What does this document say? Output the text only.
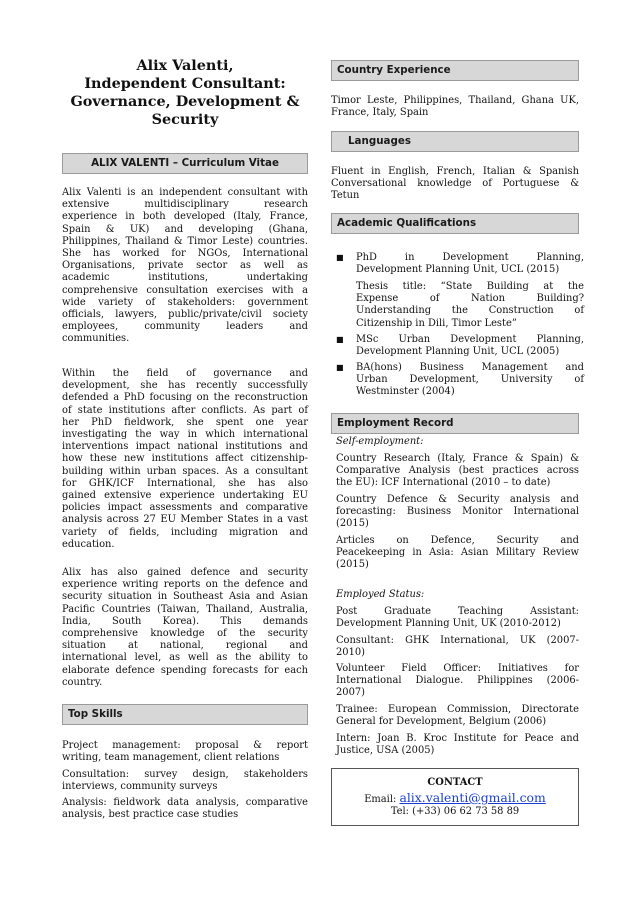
Alix Valenti,
Independent Consultant:
Governance, Development &
Security
ALIX VALENTI – Curriculum Vitae
Alix Valenti is an independent consultant with
extensive multidisciplinary research
experience in both developed (Italy, France,
Spain & UK) and developing (Ghana,
Philippines, Thailand & Timor Leste) countries.
She has worked for NGOs, International
Organisations, private sector as well as
academic institutions, undertaking
comprehensive consultation exercises with a
wide variety of stakeholders: government
officials, lawyers, public/private/civil society
employees, community leaders and
communities.
Within the field of governance and
development, she has recently successfully
defended a PhD focusing on the reconstruction
of state institutions after conflicts. As part of
her PhD fieldwork, she spent one year
investigating the way in which international
interventions impact national institutions and
how these new institutions affect citizenship-
building within urban spaces. As a consultant
for GHK/ICF International, she has also
gained extensive experience undertaking EU
policies impact assessments and comparative
analysis across 27 EU Member States in a vast
variety of fields, including migration and
education.
Alix has also gained defence and security
experience writing reports on the defence and
security situation in Southeast Asia and Asian
Pacific Countries (Taiwan, Thailand, Australia,
India, South Korea). This demands
comprehensive knowledge of the security
situation at national, regional and
international level, as well as the ability to
elaborate defence spending forecasts for each
country.
Top Skills
Project management: proposal & report
writing, team management, client relations
Consultation: survey design, stakeholders
interviews, community surveys
Analysis: fieldwork data analysis, comparative
analysis, best practice case studies
Country Experience
Timor Leste, Philippines, Thailand, Ghana UK,
France, Italy, Spain
Languages
Fluent in English, French, Italian & Spanish
Conversational knowledge of Portuguese &
Tetun
Academic Qualifications
■ PhD in Development Planning,
Development Planning Unit, UCL (2015)
Thesis title: “State Building at the
Expense of Nation Building?
Understanding the Construction of
Citizenship in Dili, Timor Leste”
■ MSc Urban Development Planning,
Development Planning Unit, UCL (2005)
■ BA(hons) Business Management and
Urban Development, University of
Westminster (2004)
Employment Record
Self-employment:
Country Research (Italy, France & Spain) &
Comparative Analysis (best practices across
the EU): ICF International (2010 – to date)
Country Defence & Security analysis and
forecasting: Business Monitor International
(2015)
Articles on Defence, Security and
Peacekeeping in Asia: Asian Military Review
(2015)
Employed Status:
Post Graduate Teaching Assistant:
Development Planning Unit, UK (2010-2012)
Consultant: GHK International, UK (2007-
2010)
Volunteer Field Officer: Initiatives for
International Dialogue. Philippines (2006-
2007)
Trainee: European Commission, Directorate
General for Development, Belgium (2006)
Intern: Joan B. Kroc Institute for Peace and
Justice, USA (2005)
CONTACT
Email: alix.valenti@gmail.com
Tel: (+33) 06 62 73 58 89
